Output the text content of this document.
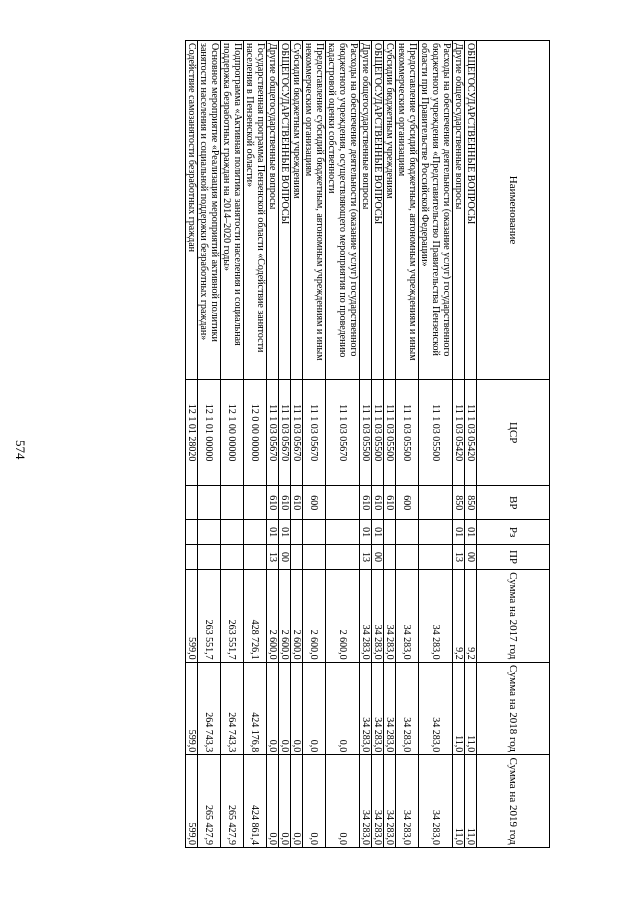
574
Наименование	ЦСР	ВР	Рз	ПР	Сумма на 2017 год	Сумма на 2018 год	Сумма на 2019 год
ОБЩЕГОСУДАРСТВЕННЫЕ ВОПРОСЫ	11 1 03 05420	850	01	00	9,2	11,0	11,0
Другие общегосударственные вопросы	11 1 03 05420	850	01	13	9,2	11,0	11,0
Расходы на обеспечение деятельности (оказание услуг) государственного бюджетного учреждения «Представительство Правительства Пензенской области при Правительстве Российской Федерации»	11 1 03 05500				34 283,0	34 283,0	34 283,0
Предоставление субсидий бюджетным, автономным учреждениям и иным некоммерческим организациям	11 1 03 05500	600			34 283,0	34 283,0	34 283,0
Субсидии бюджетным учреждениям	11 1 03 05500	610			34 283,0	34 283,0	34 283,0
ОБЩЕГОСУДАРСТВЕННЫЕ ВОПРОСЫ	11 1 03 05500	610	01	00	34 283,0	34 283,0	34 283,0
Другие общегосударственные вопросы	11 1 03 05500	610	01	13	34 283,0	34 283,0	34 283,0
Расходы на обеспечение деятельности (оказание услуг) государственного бюджетного учреждения, осуществляющего мероприятия по проведению кадастровой оценки собственности	11 1 03 05670				2 600,0	0,0	0,0
Предоставление субсидий бюджетным, автономным учреждениям и иным некоммерческим организациям	11 1 03 05670	600			2 600,0	0,0	0,0
Субсидии бюджетным учреждениям	11 1 03 05670	610			2 600,0	0,0	0,0
ОБЩЕГОСУДАРСТВЕННЫЕ ВОПРОСЫ	11 1 03 05670	610	01	00	2 600,0	0,0	0,0
Другие общегосударственные вопросы	11 1 03 05670	610	01	13	2 600,0	0,0	0,0
Государственная программа Пензенской области «Содействие занятости населения в Пензенской области»	12 0 00 00000				428 726,1	424 176,8	424 861,4
Подпрограмма «Активная политика занятости населения и социальная поддержка безработных граждан на 2014–2020 годы»	12 1 00 00000				263 551,7	264 743,3	265 427,9
Основное мероприятие «Реализация мероприятий активной политики занятости населения и социальной поддержки безработных граждан»	12 1 01 00000				263 551,7	264 743,3	265 427,9
Содействие самозанятости безработных граждан	12 1 01 28020				599,0	599,0	599,0
